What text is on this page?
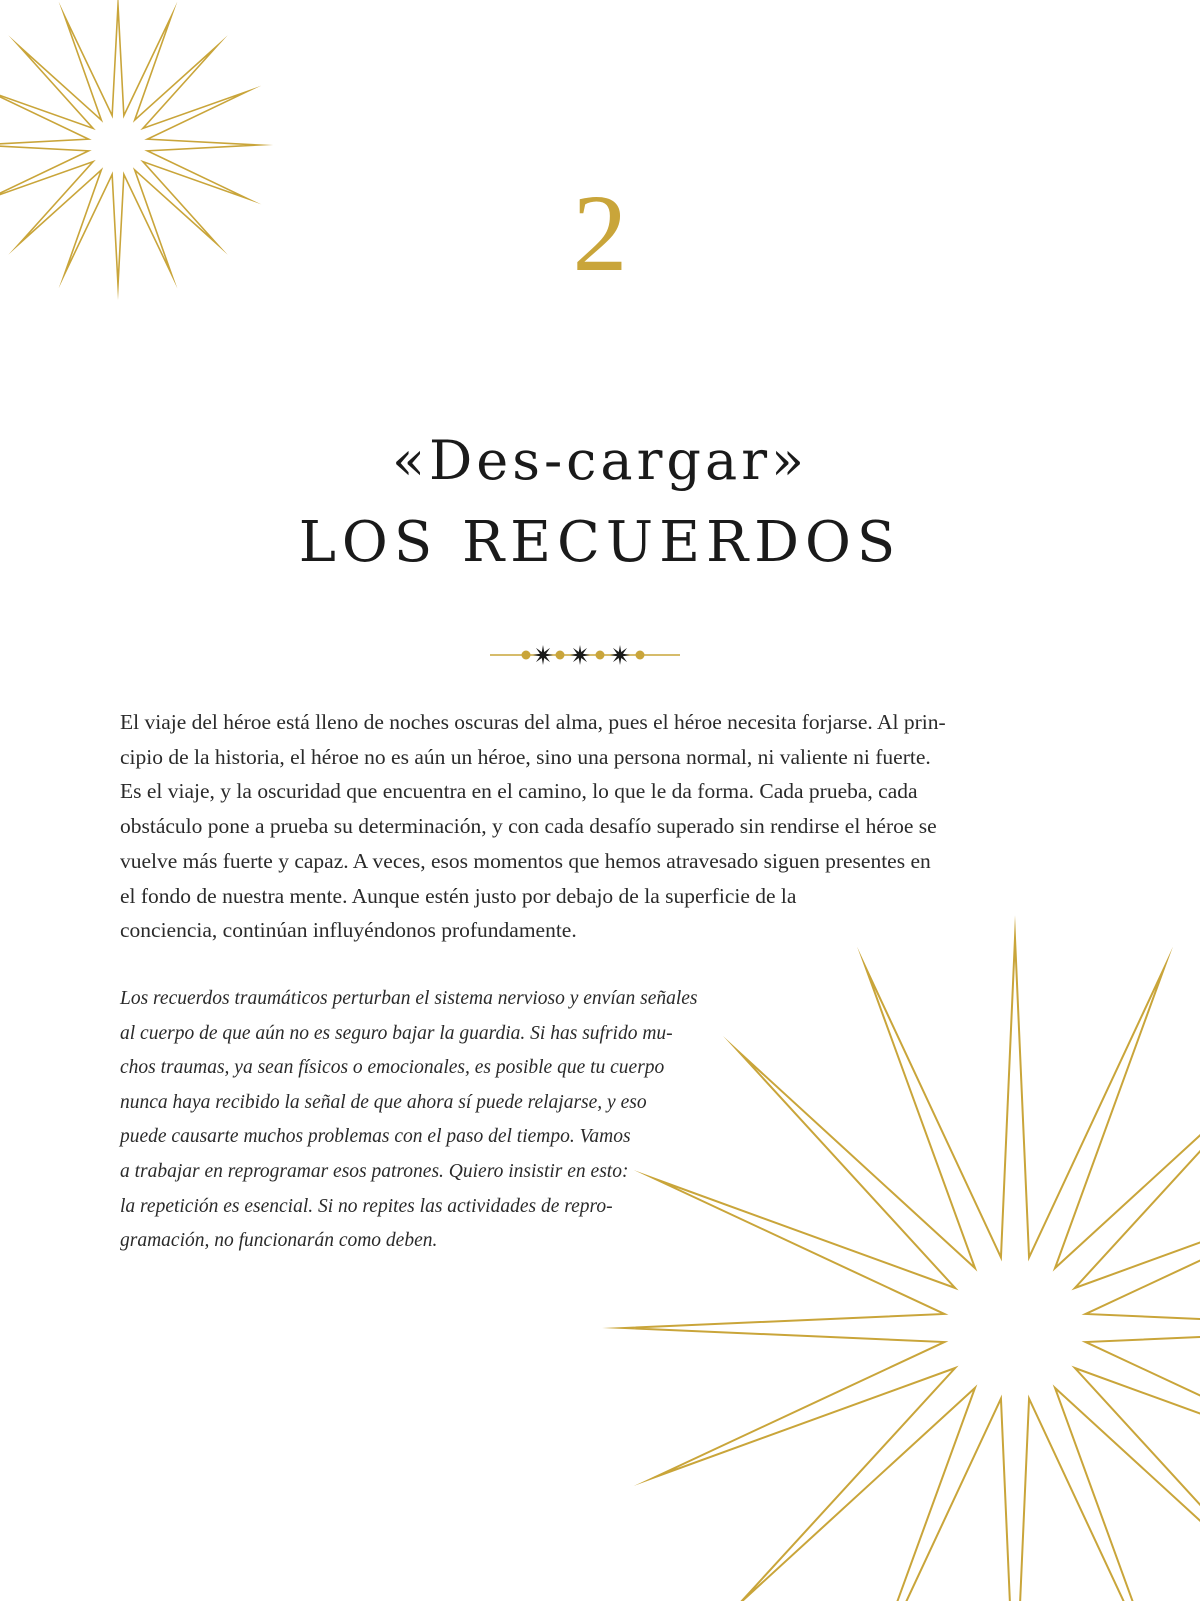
2
«Des-cargar»
LOS RECUERDOS

El viaje del héroe está lleno de noches oscuras del alma, pues el héroe necesita forjarse. Al prin-
cipio de la historia, el héroe no es aún un héroe, sino una persona normal, ni valiente ni fuerte.
Es el viaje, y la oscuridad que encuentra en el camino, lo que le da forma. Cada prueba, cada
obstáculo pone a prueba su determinación, y con cada desafío superado sin rendirse el héroe se
vuelve más fuerte y capaz. A veces, esos momentos que hemos atravesado siguen presentes en
el fondo de nuestra mente. Aunque estén justo por debajo de la superficie de la
conciencia, continúan influyéndonos profundamente.

Los recuerdos traumáticos perturban el sistema nervioso y envían señales
al cuerpo de que aún no es seguro bajar la guardia. Si has sufrido mu-
chos traumas, ya sean físicos o emocionales, es posible que tu cuerpo
nunca haya recibido la señal de que ahora sí puede relajarse, y eso
puede causarte muchos problemas con el paso del tiempo. Vamos
a trabajar en reprogramar esos patrones. Quiero insistir en esto:
la repetición es esencial. Si no repites las actividades de repro-
gramación, no funcionarán como deben.
